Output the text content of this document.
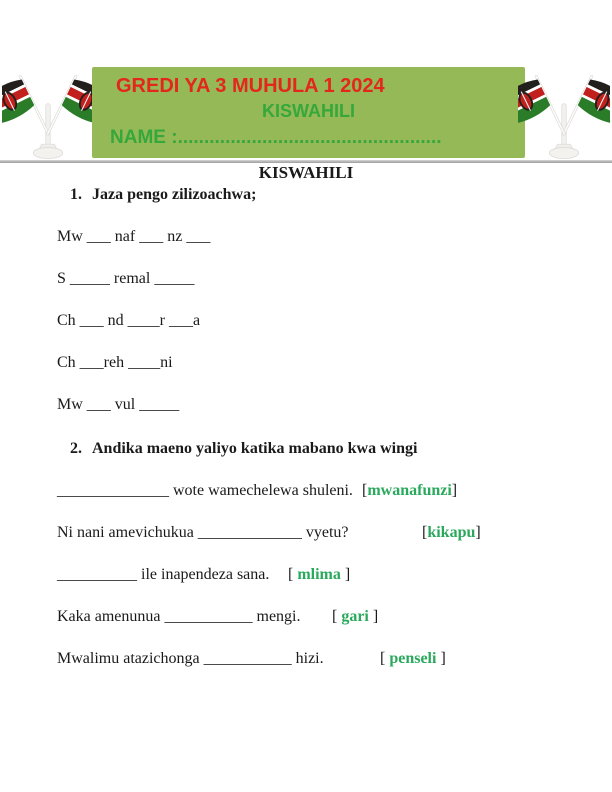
GREDI YA 3 MUHULA 1 2024
KISWAHILI
NAME :..................................................
KISWAHILI
1. Jaza pengo zilizoachwa;
Mw ___ naf ___ nz ___
S _____ remal _____
Ch ___ nd ____r ___a
Ch ___reh ____ni
Mw ___ vul _____
2. Andika maeno yaliyo katika mabano kwa wingi
______________ wote wamechelewa shuleni. [mwanafunzi]
Ni nani amevichukua _____________ vyetu?	[kikapu]
__________ ile inapendeza sana. [ mlima ]
Kaka amenunua ___________ mengi. [ gari ]
Mwalimu atazichonga ___________ hizi.	[ penseli ]
